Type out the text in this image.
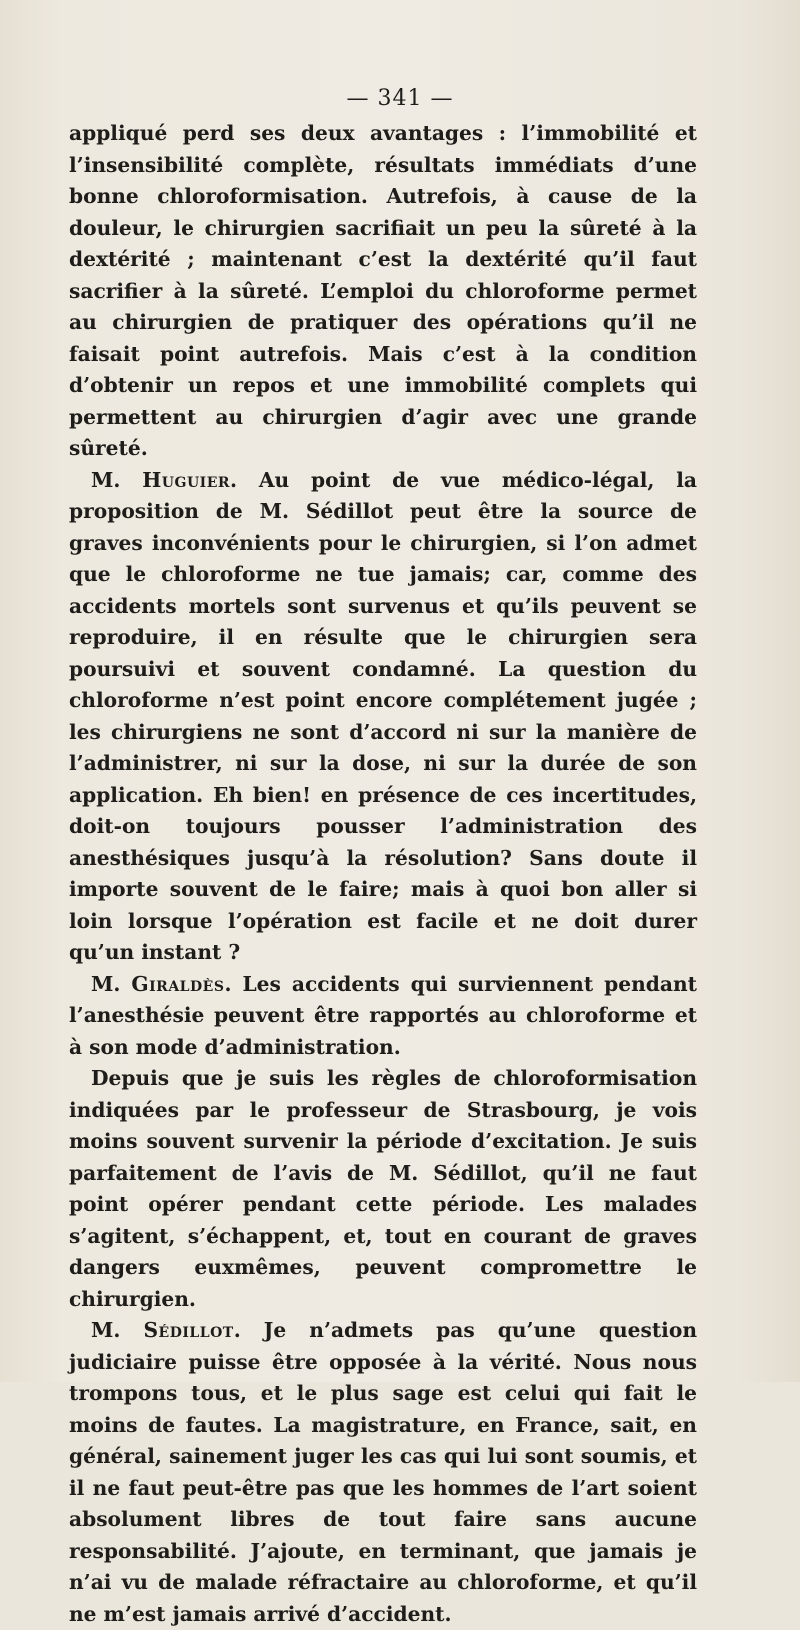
— 341 —

appliqué perd ses deux avantages : l’immobilité et l’insensibilité complète, résultats immédiats d’une bonne chloroformisation. Autrefois, à cause de la douleur, le chirurgien sacrifiait un peu la sûreté à la dextérité ; maintenant c’est la dextérité qu’il faut sacrifier à la sûreté. L’emploi du chloroforme permet au chirurgien de pratiquer des opérations qu’il ne faisait point autrefois. Mais c’est à la condition d’obtenir un repos et une immobilité complets qui permettent au chirurgien d’agir avec une grande sûreté.

M. Huguier. Au point de vue médico-légal, la proposition de M. Sédillot peut être la source de graves inconvénients pour le chirurgien, si l’on admet que le chloroforme ne tue jamais; car, comme des accidents mortels sont survenus et qu’ils peuvent se reproduire, il en résulte que le chirurgien sera poursuivi et souvent condamné. La question du chloroforme n’est point encore complétement jugée ; les chirurgiens ne sont d’accord ni sur la manière de l’administrer, ni sur la dose, ni sur la durée de son application. Eh bien! en présence de ces incertitudes, doit-on toujours pousser l’administration des anesthésiques jusqu’à la résolution? Sans doute il importe souvent de le faire; mais à quoi bon aller si loin lorsque l’opération est facile et ne doit durer qu’un instant ?

M. Giraldès. Les accidents qui surviennent pendant l’anesthésie peuvent être rapportés au chloroforme et à son mode d’administration.

Depuis que je suis les règles de chloroformisation indiquées par le professeur de Strasbourg, je vois moins souvent survenir la période d’excitation. Je suis parfaitement de l’avis de M. Sédillot, qu’il ne faut point opérer pendant cette période. Les malades s’agitent, s’échappent, et, tout en courant de graves dangers euxmêmes, peuvent compromettre le chirurgien.

M. Sédillot. Je n’admets pas qu’une question judiciaire puisse être opposée à la vérité. Nous nous trompons tous, et le plus sage est celui qui fait le moins de fautes. La magistrature, en France, sait, en général, sainement juger les cas qui lui sont soumis, et il ne faut peut-être pas que les hommes de l’art soient absolument libres de tout faire sans aucune responsabilité. J’ajoute, en terminant, que jamais je n’ai vu de malade réfractaire au chloroforme, et qu’il ne m’est jamais arrivé d’accident.
